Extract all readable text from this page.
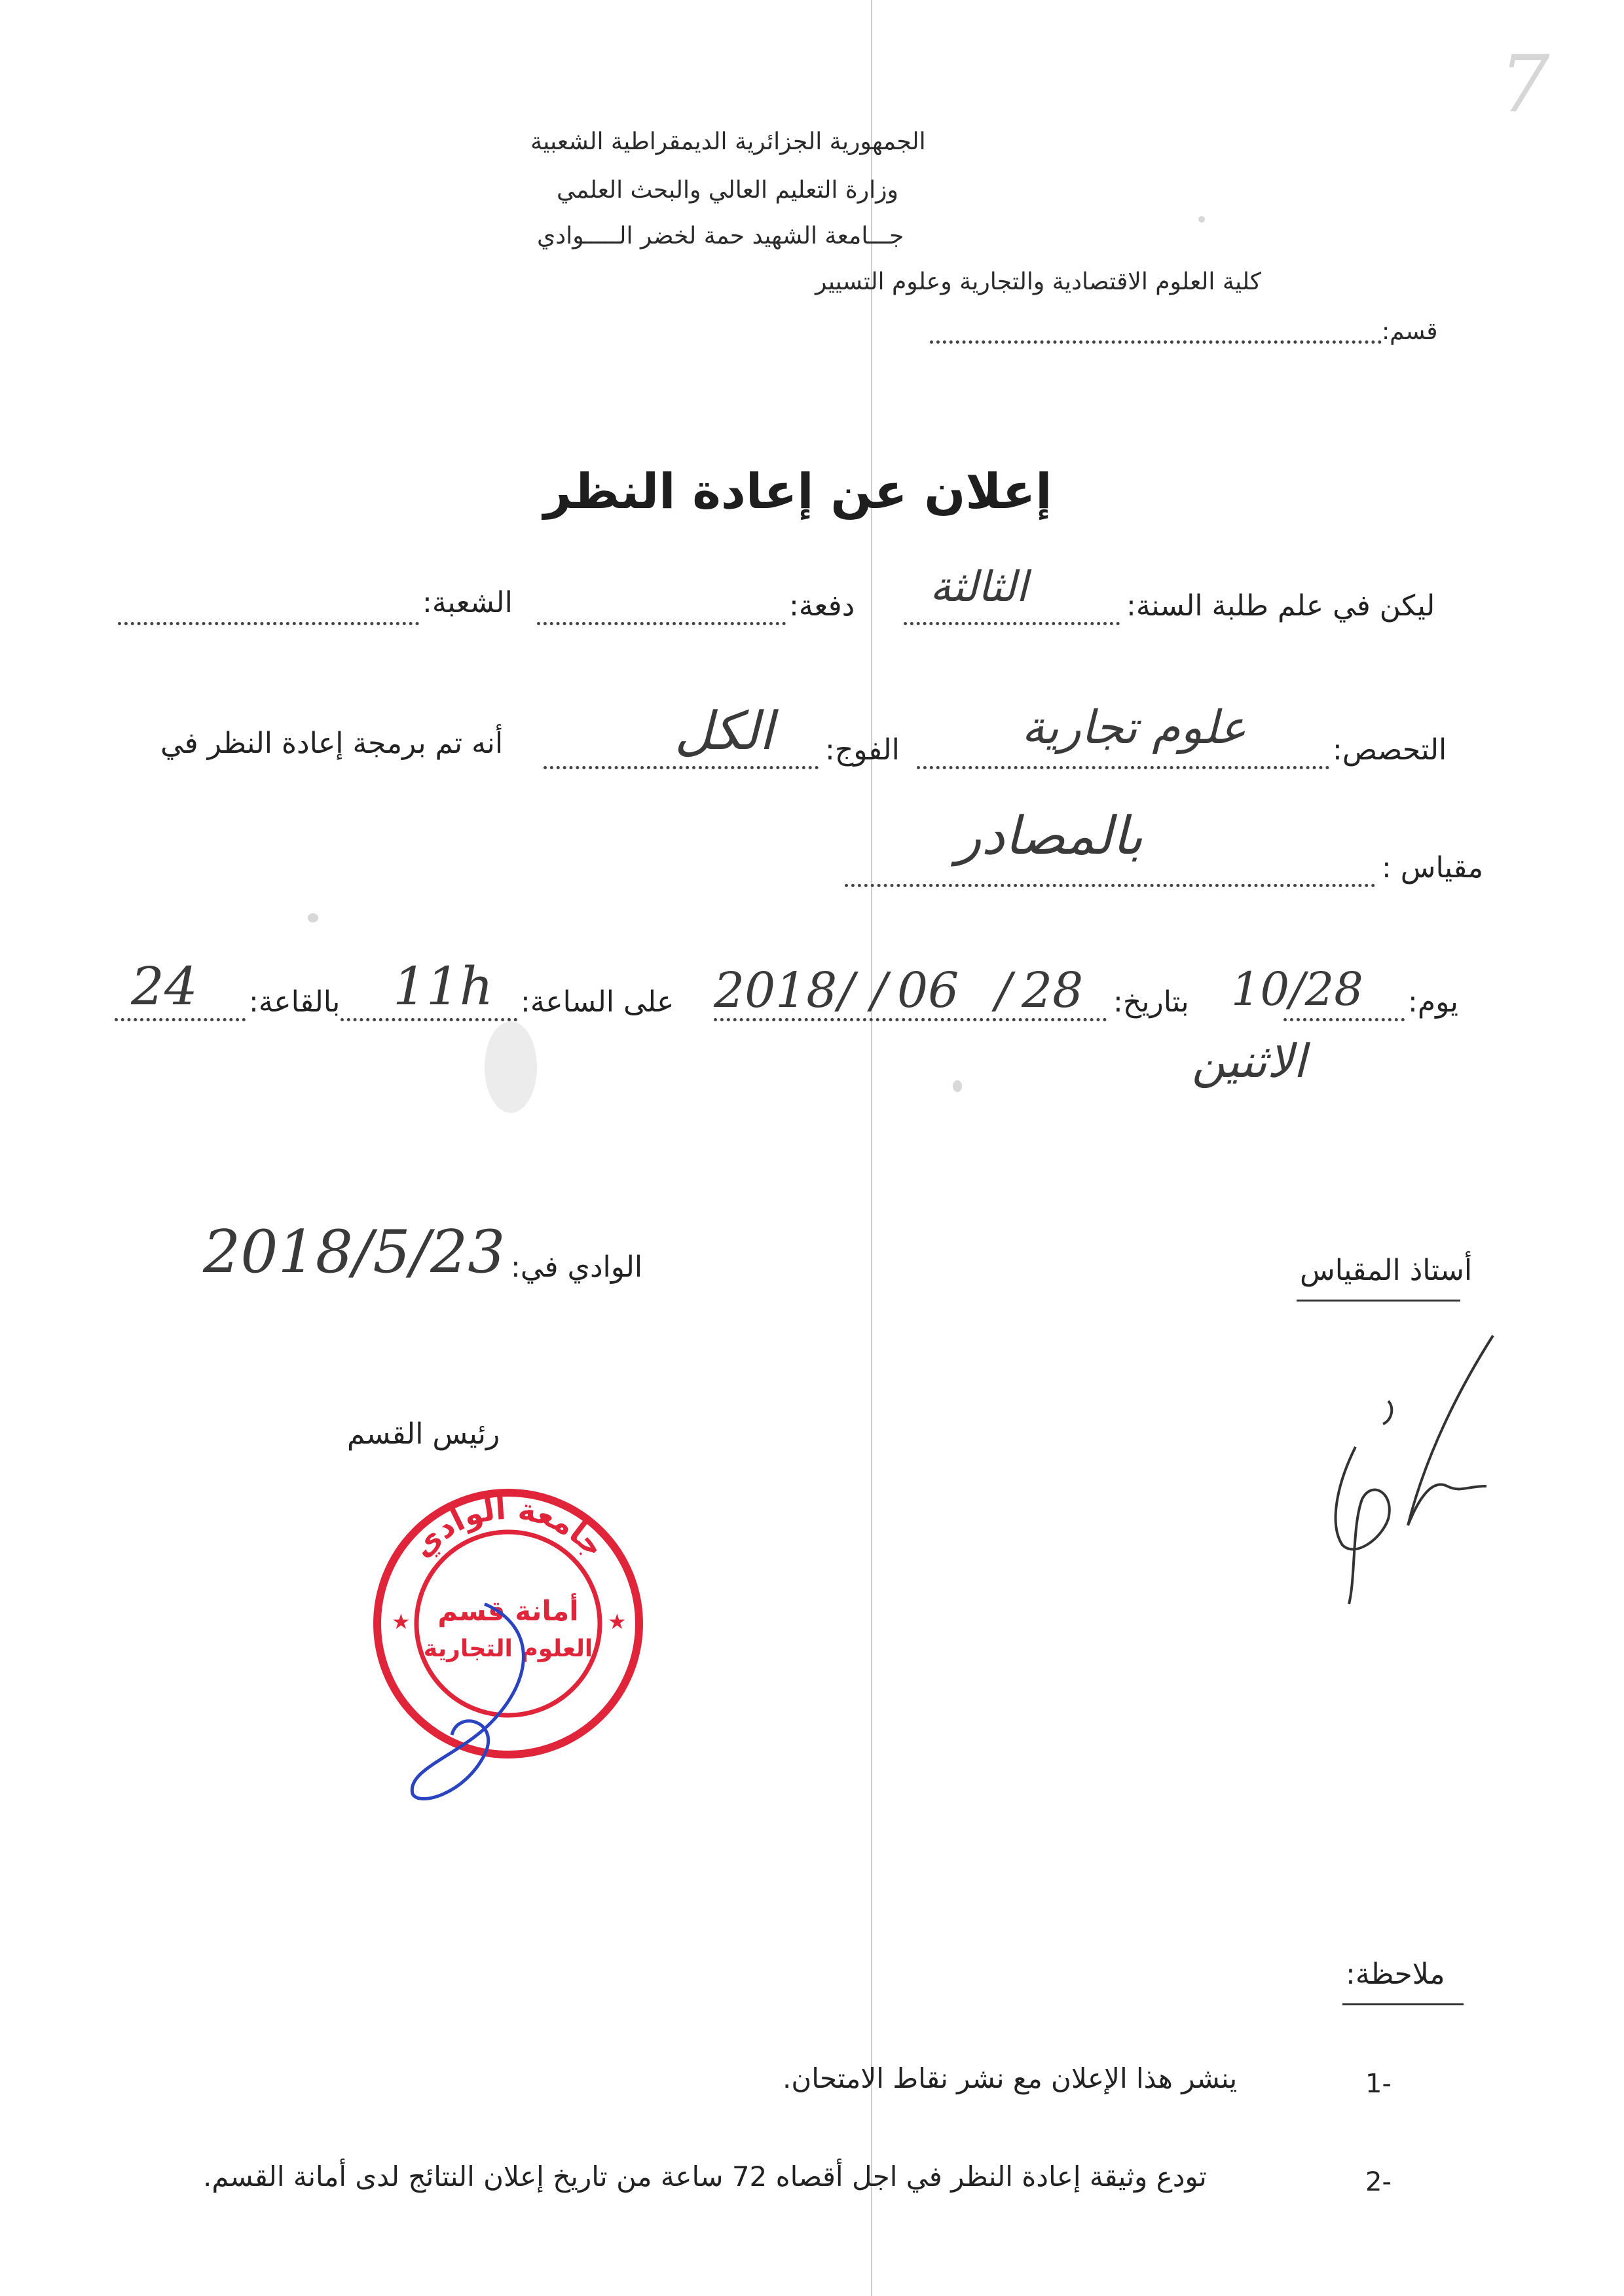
7
الجمهورية الجزائرية الديمقراطية الشعبية
وزارة التعليم العالي والبحث العلمي
جـــامعة الشهيد حمة لخضر الـــــوادي
كلية العلوم الاقتصادية والتجارية وعلوم التسيير
قسم:
إعلان عن إعادة النظر
ليكن في علم طلبة السنة:
الثالثة
دفعة:
الشعبة:
التحصص:
علوم تجارية
الفوج:
الكل
أنه تم برمجة إعادة النظر في
مقياس :
بالمصادر
يوم:
10/28
بتاريخ:
28
/
06
/
/
2018
على الساعة:
11h
بالقاعة:
24
الاثنين
الوادي في:
2018/5/23	أستاذ المقياس
رئيس القسم
جامعة الوادي
أمانة قسم
العلوم التجارية
★	★
ملاحظة:
-1
ينشر هذا الإعلان مع نشر نقاط الامتحان.
-2
تودع وثيقة إعادة النظر في اجل أقصاه 72 ساعة من تاريخ إعلان النتائج لدى أمانة القسم.
